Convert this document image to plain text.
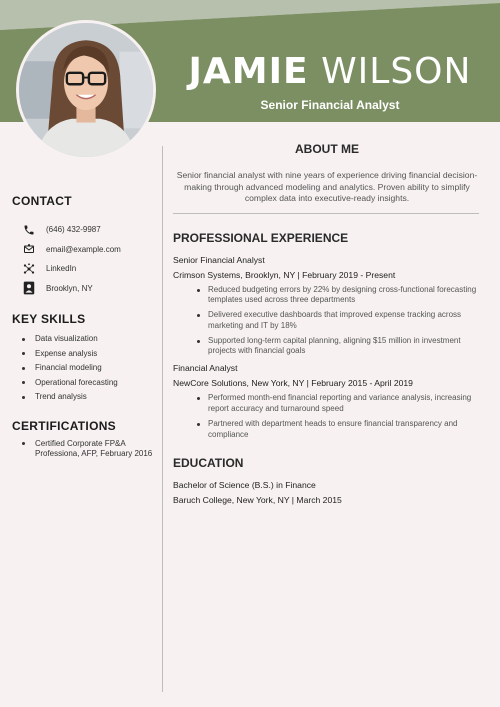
JAMIE WILSON
Senior Financial Analyst
CONTACT
(646) 432-9987
email@example.com
LinkedIn
Brooklyn, NY
KEY SKILLS
Data visualization
Expense analysis
Financial modeling
Operational forecasting
Trend analysis
CERTIFICATIONS
Certified Corporate FP&A Professiona, AFP, February 2016
ABOUT ME
Senior financial analyst with nine years of experience driving financial decision-making through advanced modeling and analytics. Proven ability to simplify complex data into executive-ready insights.
PROFESSIONAL EXPERIENCE
Senior Financial Analyst
Crimson Systems, Brooklyn, NY | February 2019 - Present
Reduced budgeting errors by 22% by designing cross-functional forecasting templates used across three departments
Delivered executive dashboards that improved expense tracking across marketing and IT by 18%
Supported long-term capital planning, aligning $15 million in investment projects with financial goals
Financial Analyst
NewCore Solutions, New York, NY | February 2015 - April 2019
Performed month-end financial reporting and variance analysis, increasing report accuracy and turnaround speed
Partnered with department heads to ensure financial transparency and compliance
EDUCATION
Bachelor of Science (B.S.) in Finance
Baruch College, New York, NY | March 2015
